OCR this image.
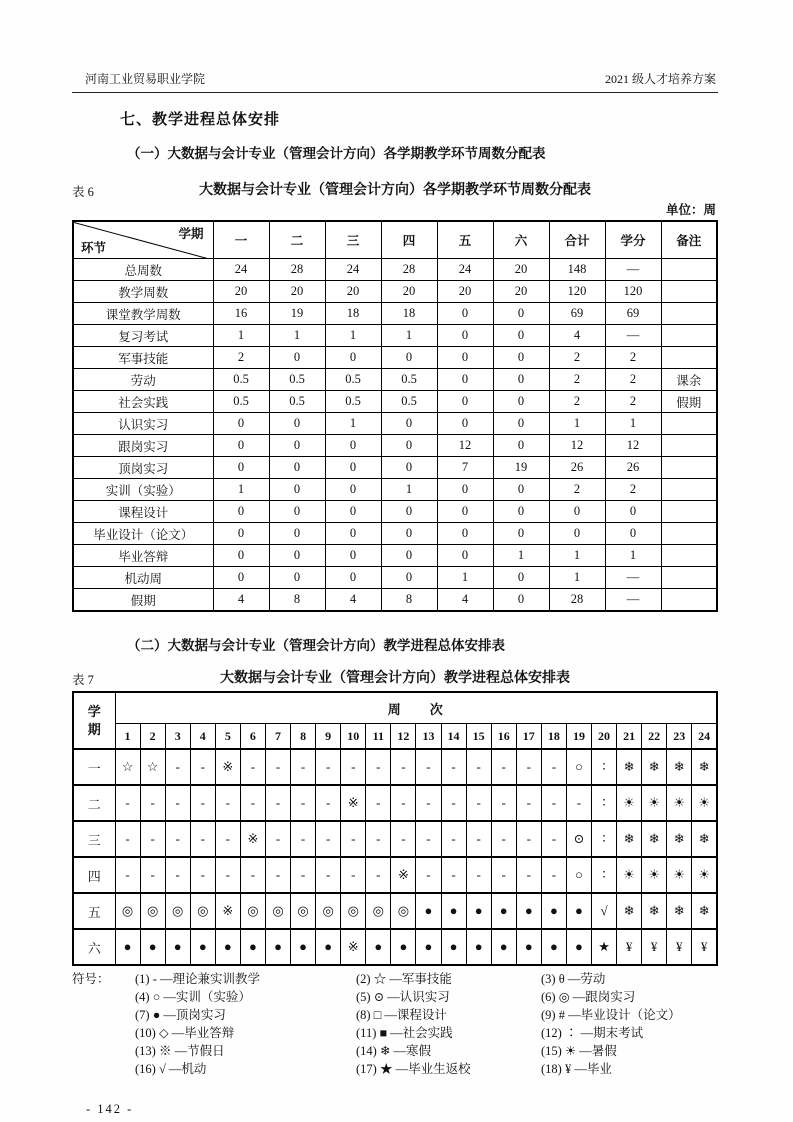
河南工业贸易职业学院	2021 级人才培养方案
七、教学进程总体安排
（一）大数据与会计专业（管理会计方向）各学期教学环节周数分配表
表 6	大数据与会计专业（管理会计方向）各学期教学环节周数分配表
单位：周
学期
环节	一	二	三	四	五	六	合计	学分	备注
总周数	24	28	24	28	24	20	148	—	
教学周数	20	20	20	20	20	20	120	120	
课堂教学周数	16	19	18	18	0	0	69	69	
复习考试	1	1	1	1	0	0	4	—	
军事技能	2	0	0	0	0	0	2	2	
劳动	0.5	0.5	0.5	0.5	0	0	2	2	课余
社会实践	0.5	0.5	0.5	0.5	0	0	2	2	假期
认识实习	0	0	1	0	0	0	1	1	
跟岗实习	0	0	0	0	12	0	12	12	
顶岗实习	0	0	0	0	7	19	26	26	
实训（实验）	1	0	0	1	0	0	2	2	
课程设计	0	0	0	0	0	0	0	0	
毕业设计（论文）	0	0	0	0	0	0	0	0	
毕业答辩	0	0	0	0	0	1	1	1	
机动周	0	0	0	0	1	0	1	—	
假期	4	8	4	8	4	0	28	—	
（二）大数据与会计专业（管理会计方向）教学进程总体安排表
表 7	大数据与会计专业（管理会计方向）教学进程总体安排表
学期	周　　次																							
	1	2	3	4	5	6	7	8	9	10	11	12	13	14	15	16	17	18	19	20	21	22	23	24
一	☆	☆	-	-	※	-	-	-	-	-	-	-	-	-	-	-	-	-	○	∶	❄	❄	❄	❄
二	-	-	-	-	-	-	-	-	-	※	-	-	-	-	-	-	-	-	-	∶	☀	☀	☀	☀
三	-	-	-	-	-	※	-	-	-	-	-	-	-	-	-	-	-	-	⊙	∶	❄	❄	❄	❄
四	-	-	-	-	-	-	-	-	-	-	-	※	-	-	-	-	-	-	○	∶	☀	☀	☀	☀
五	◎	◎	◎	◎	※	◎	◎	◎	◎	◎	◎	◎	●	●	●	●	●	●	●	√	❄	❄	❄	❄
六	●	●	●	●	●	●	●	●	●	※	●	●	●	●	●	●	●	●	●	★	¥	¥	¥	¥
符号：	(1) - —理论兼实训教学	(2) ☆ —军事技能	(3) θ —劳动
(4) ○ —实训（实验）	(5) ⊙ —认识实习	(6) ◎ —跟岗实习
(7) ● —顶岗实习	(8) □ —课程设计	(9) # —毕业设计（论文）
(10) ◇ —毕业答辩	(11) ■ —社会实践	(12) ∶ —期末考试
(13) ※ —节假日	(14) ❄ —寒假	(15) ☀ —暑假
(16) √ —机动	(17) ★ —毕业生返校	(18) ¥ —毕业
- 142 -
